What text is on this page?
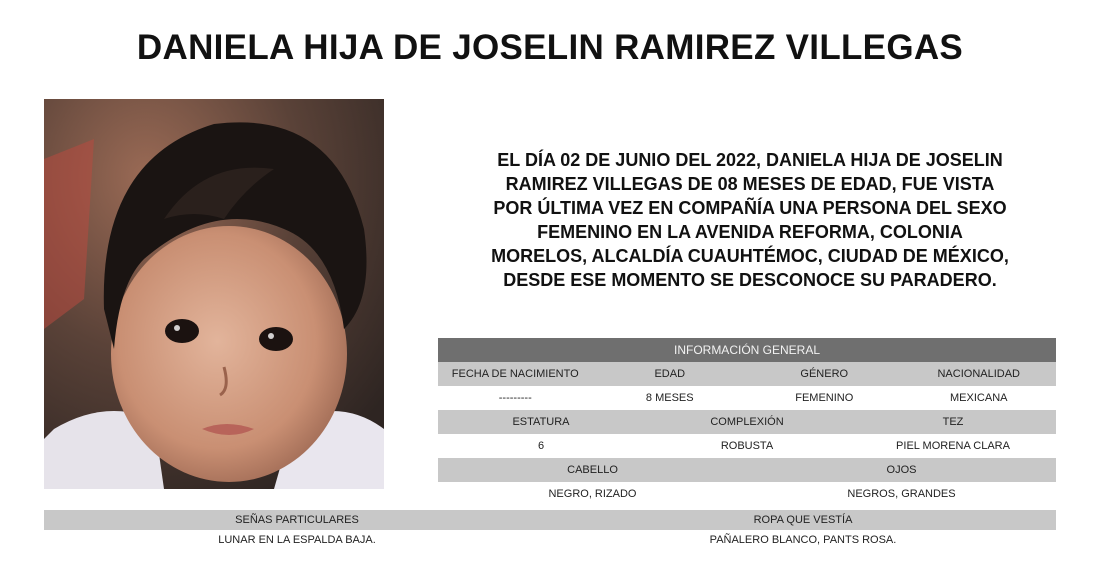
DANIELA HIJA DE JOSELIN RAMIREZ VILLEGAS
EL DÍA 02 DE JUNIO DEL 2022, DANIELA HIJA DE JOSELIN
RAMIREZ VILLEGAS DE 08 MESES DE EDAD, FUE VISTA
POR ÚLTIMA VEZ EN COMPAÑÍA UNA PERSONA DEL SEXO
FEMENINO EN LA AVENIDA REFORMA, COLONIA
MORELOS, ALCALDÍA CUAUHTÉMOC, CIUDAD DE MÉXICO,
DESDE ESE MOMENTO SE DESCONOCE SU PARADERO.
INFORMACIÓN GENERAL
FECHA DE NACIMIENTO	EDAD	GÉNERO	NACIONALIDAD
---------	8 MESES	FEMENINO	MEXICANA
ESTATURA	COMPLEXIÓN	TEZ
6	ROBUSTA	PIEL MORENA CLARA
CABELLO	OJOS
NEGRO, RIZADO	NEGROS, GRANDES
SEÑAS PARTICULARES	ROPA QUE VESTÍA
LUNAR EN LA ESPALDA BAJA.	PAÑALERO BLANCO, PANTS ROSA.
